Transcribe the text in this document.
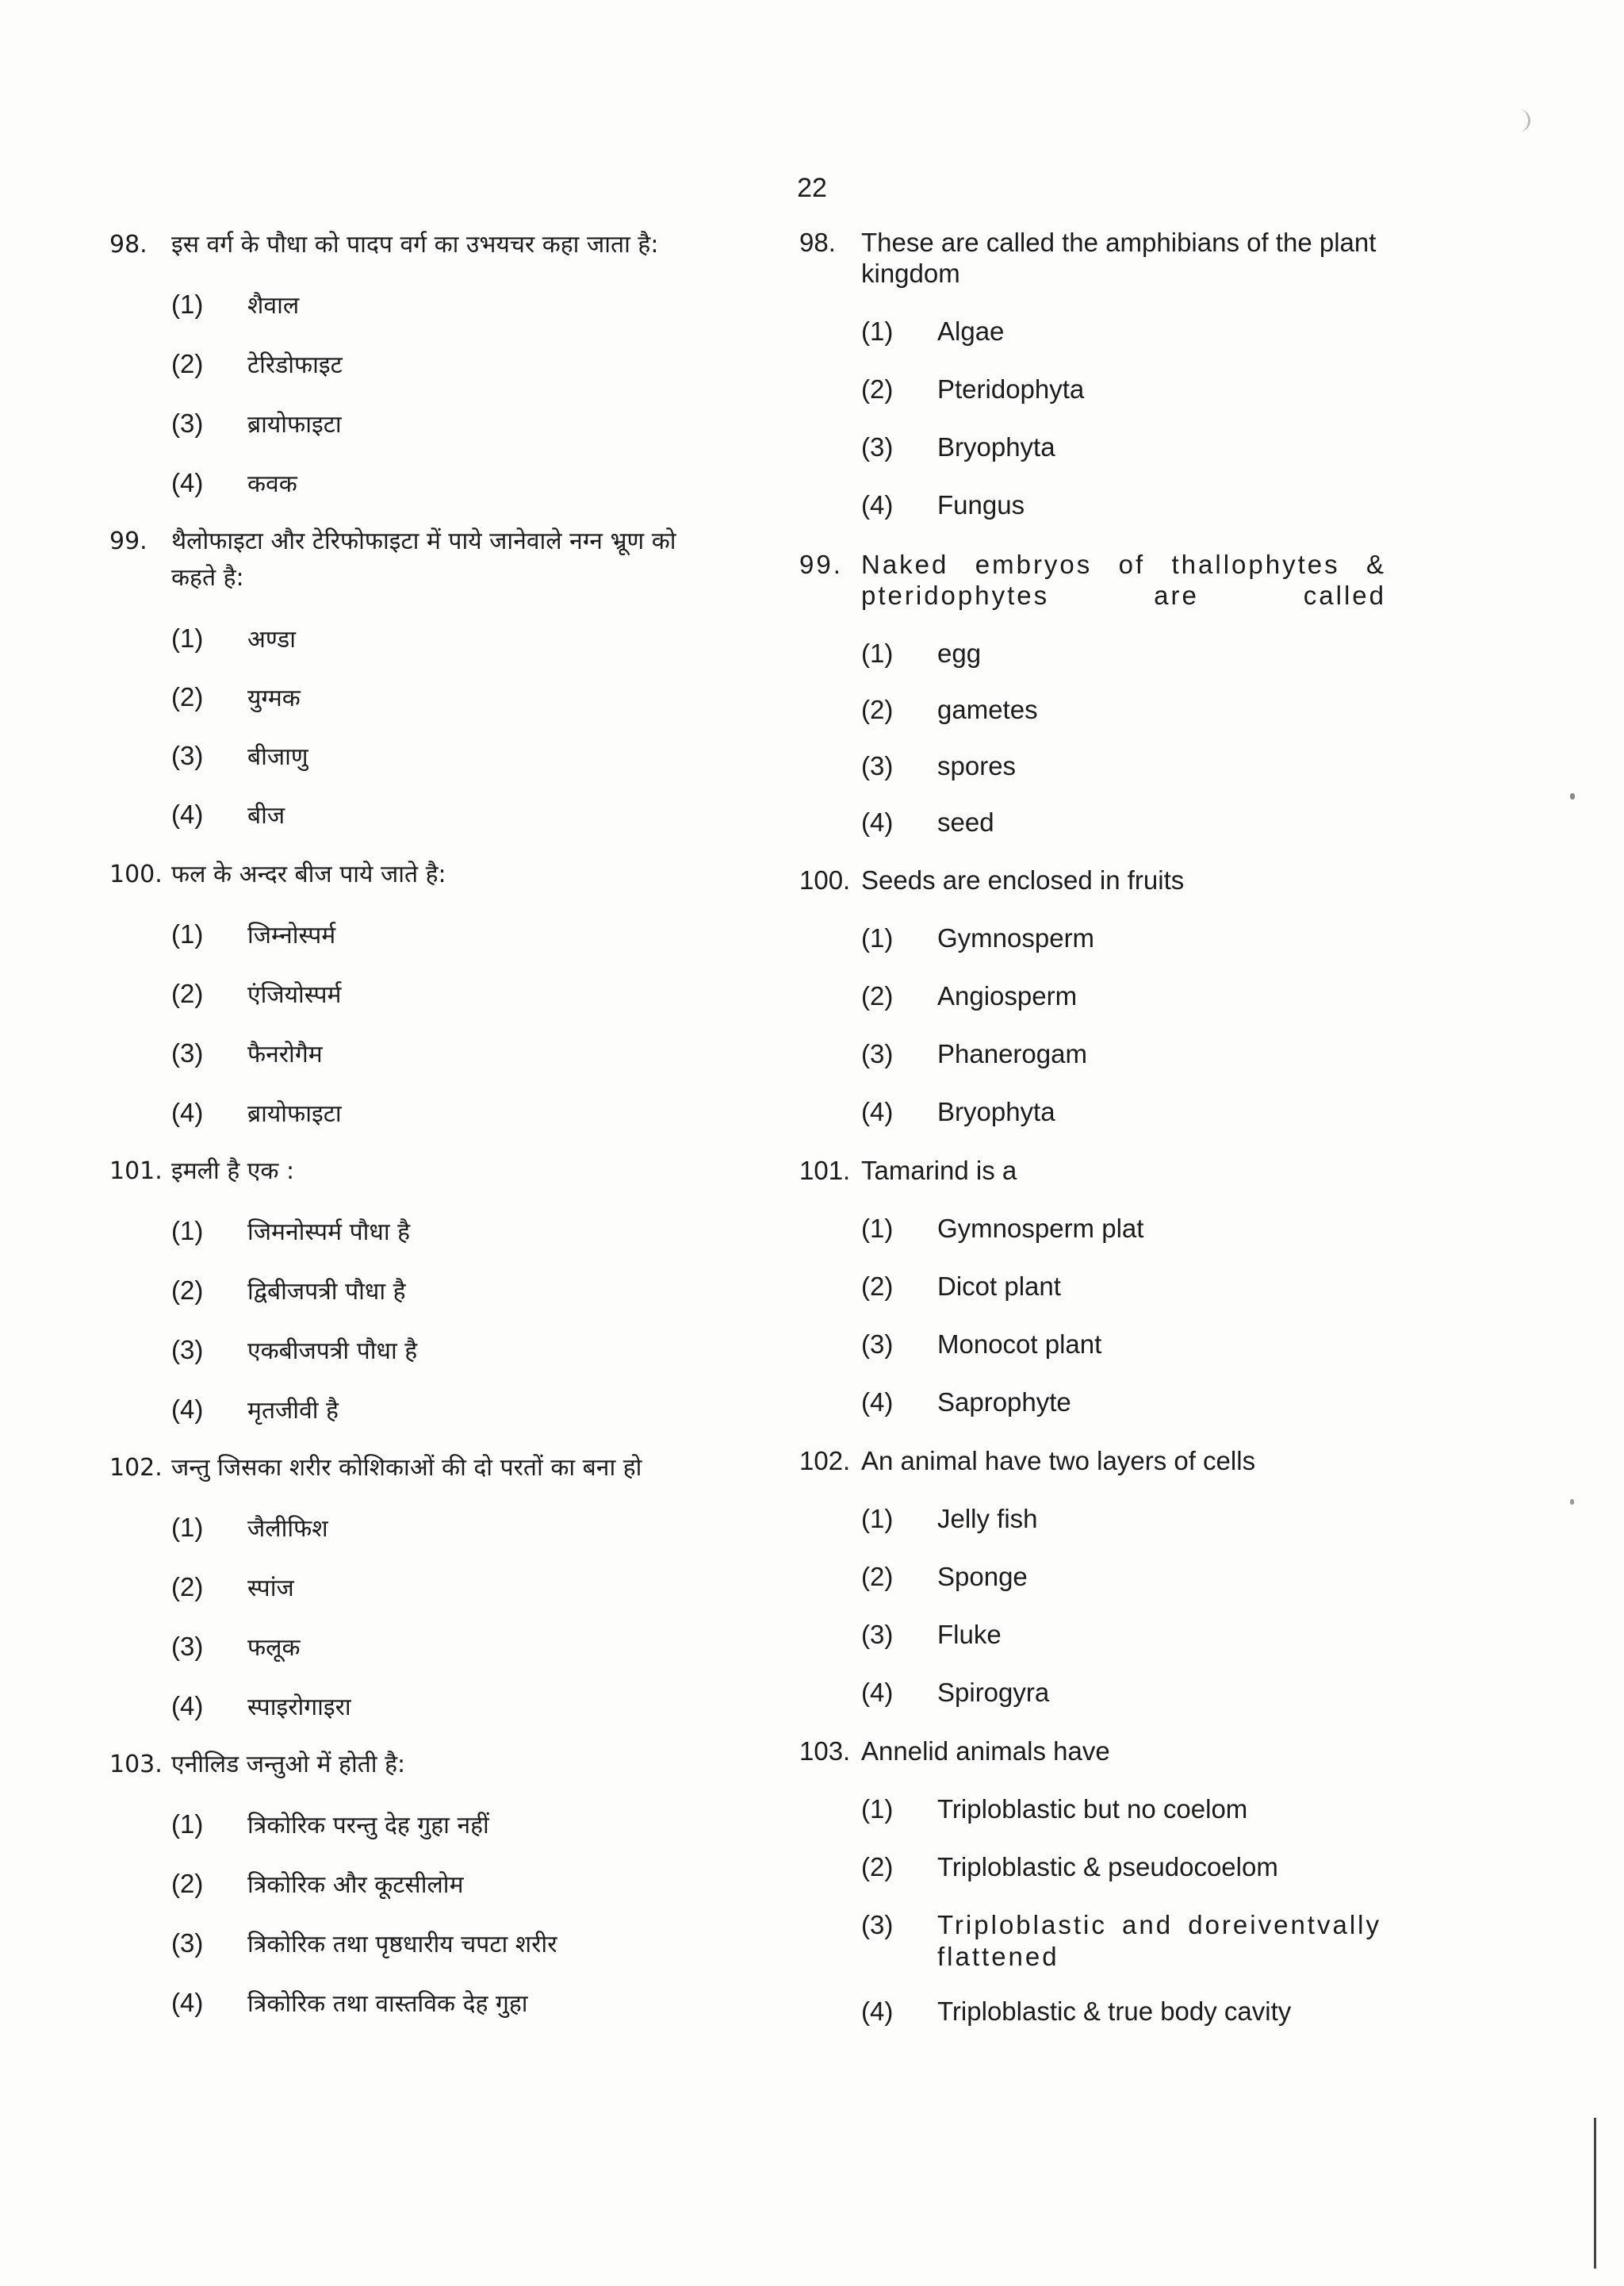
22
98. इस वर्ग के पौधा को पादप वर्ग का उभयचर कहा जाता है:
(1) शैवाल
(2) टेरिडोफाइट
(3) ब्रायोफाइटा
(4) कवक
99. थैलोफाइटा और टेरिफोफाइटा में पाये जानेवाले नग्न भ्रूण को कहते है:
(1) अण्डा
(2) युग्मक
(3) बीजाणु
(4) बीज
100. फल के अन्दर बीज पाये जाते है:
(1) जिम्नोस्पर्म
(2) एंजियोस्पर्म
(3) फैनरोगैम
(4) ब्रायोफाइटा
101. इमली है एक :
(1) जिमनोस्पर्म पौधा है
(2) द्विबीजपत्री पौधा है
(3) एकबीजपत्री पौधा है
(4) मृतजीवी है
102. जन्तु जिसका शरीर कोशिकाओं की दो परतों का बना हो
(1) जैलीफिश
(2) स्पांज
(3) फलूक
(4) स्पाइरोगाइरा
103. एनीलिड जन्तुओ में होती है:
(1) त्रिकोरिक परन्तु देह गुहा नहीं
(2) त्रिकोरिक और कूटसीलोम
(3) त्रिकोरिक तथा पृष्ठधारीय चपटा शरीर
(4) त्रिकोरिक तथा वास्तविक देह गुहा
98. These are called the amphibians of the plant kingdom
(1) Algae
(2) Pteridophyta
(3) Bryophyta
(4) Fungus
99. Naked embryos of thallophytes & pteridophytes are called
(1) egg
(2) gametes
(3) spores
(4) seed
100. Seeds are enclosed in fruits
(1) Gymnosperm
(2) Angiosperm
(3) Phanerogam
(4) Bryophyta
101. Tamarind is a
(1) Gymnosperm plat
(2) Dicot plant
(3) Monocot plant
(4) Saprophyte
102. An animal have two layers of cells
(1) Jelly fish
(2) Sponge
(3) Fluke
(4) Spirogyra
103. Annelid animals have
(1) Triploblastic but no coelom
(2) Triploblastic & pseudocoelom
(3)	Triploblastic and doreiventvally flattened
(4) Triploblastic & true body cavity
